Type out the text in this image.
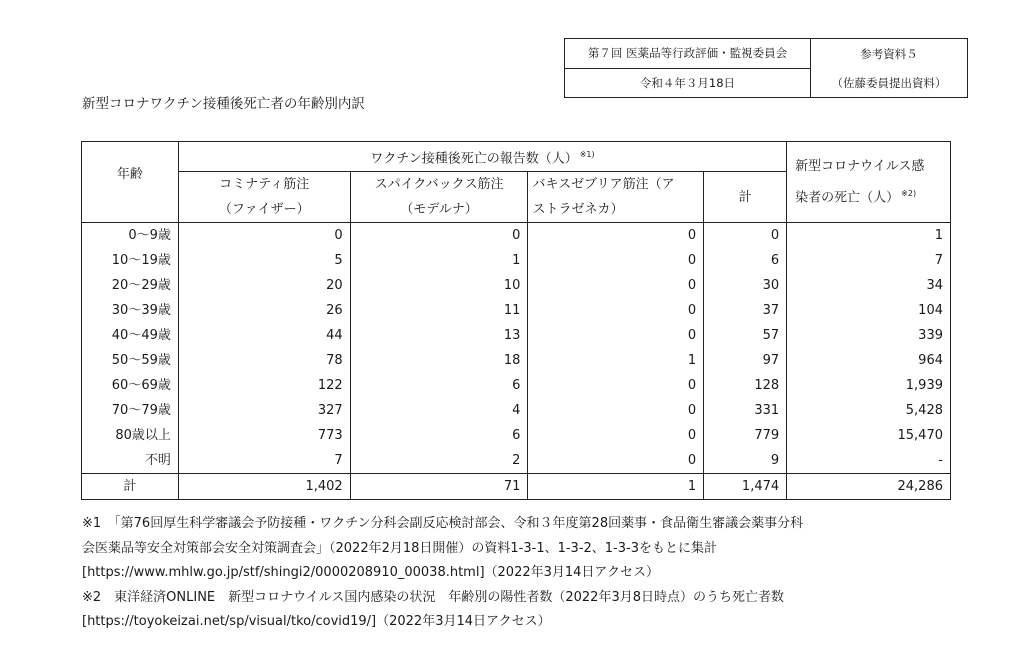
第７回 医薬品等行政評価・監視委員会
令和４年３月18日
参考資料５
（佐藤委員提出資料）
新型コロナワクチン接種後死亡者の年齢別内訳
年齢	ワクチン接種後死亡の報告数（人） $^{※1)}$				新型コロナウイルス感
染者の死亡（人） $^{※2)}$

	コミナティ筋注	スパイクバックス筋注	バキスゼブリア筋注（ア	計	
	（ファイザー）	（モデルナ）	ストラゼネカ）		
0～9歳	0	0	0	0	1
10～19歳	5	1	0	6	7
20～29歳	20	10	0	30	34
30～39歳	26	11	0	37	104
40～49歳	44	13	0	57	339
50～59歳	78	18	1	97	964
60～69歳	122	6	0	128	1,939
70～79歳	327	4	0	331	5,428
80歳以上	773	6	0	779	15,470
不明	7	2	0	9	-
計	1,402	71	1	1,474	24,286
※1　「第76回厚生科学審議会予防接種・ワクチン分科会副反応検討部会、令和３年度第28回薬事・食品衛生審議会薬事分科
会医薬品等安全対策部会安全対策調査会」（2022年2月18日開催）の資料1-3-1、1-3-2、1-3-3をもとに集計
[https://www.mhlw.go.jp/stf/shingi2/0000208910_00038.html]（2022年3月14日アクセス）
※2　東洋経済ONLINE　新型コロナウイルス国内感染の状況　年齢別の陽性者数（2022年3月8日時点）のうち死亡者数
[https://toyokeizai.net/sp/visual/tko/covid19/]（2022年3月14日アクセス）
